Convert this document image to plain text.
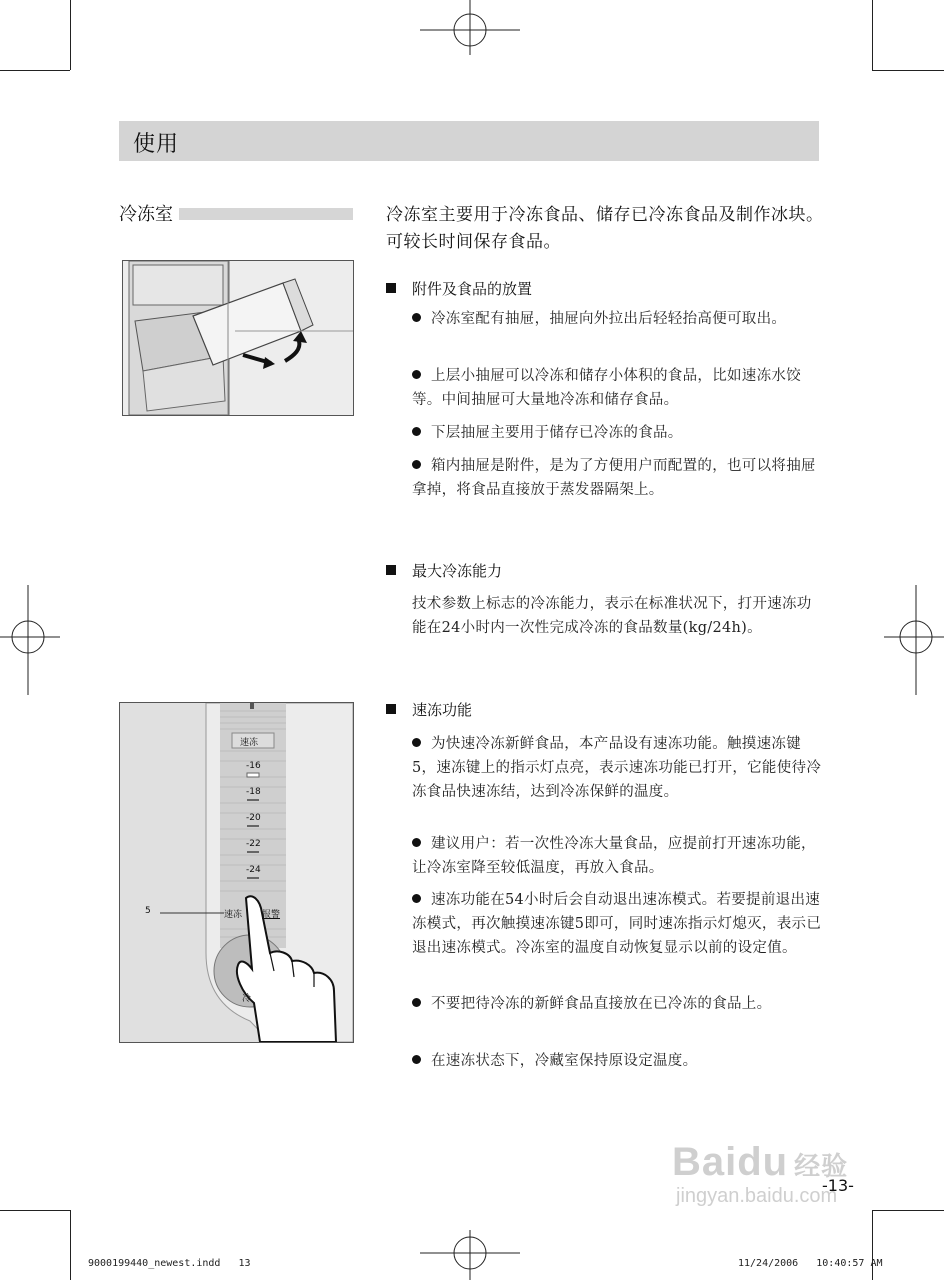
使用
冷冻室	冷冻室主要用于冷冻食品、储存已冷冻食品及制作冰块。可较长时间保存食品。
附件及食品的放置
冷冻室配有抽屉，抽屉向外拉出后轻轻抬高便可取出。
上层小抽屉可以冷冻和储存小体积的食品，比如速冻水饺等。中间抽屉可大量地冷冻和储存食品。
下层抽屉主要用于储存已冷冻的食品。
箱内抽屉是附件，是为了方便用户而配置的，也可以将抽屉拿掉，将食品直接放于蒸发器隔架上。
最大冷冻能力
技术参数上标志的冷冻能力，表示在标准状况下，打开速冻功能在24小时内一次性完成冷冻的食品数量(kg/24h)。
速冻
-16
-18
-20
-22
-24
速冻 报警
5
冷
速冻功能
为快速冷冻新鲜食品，本产品设有速冻功能。触摸速冻键5，速冻键上的指示灯点亮，表示速冻功能已打开，它能使待冷冻食品快速冻结，达到冷冻保鲜的温度。
建议用户：若一次性冷冻大量食品，应提前打开速冻功能，让冷冻室降至较低温度，再放入食品。
速冻功能在54小时后会自动退出速冻模式。若要提前退出速冻模式，再次触摸速冻键5即可，同时速冻指示灯熄灭，表示已退出速冻模式。冷冻室的温度自动恢复显示以前的设定值。
不要把待冷冻的新鲜食品直接放在已冷冻的食品上。
在速冻状态下，冷藏室保持原设定温度。
Baidu 经验
jingyan.baidu.com
-13-
9000199440_newest.indd   13	11/24/2006   10:40:57 AM
